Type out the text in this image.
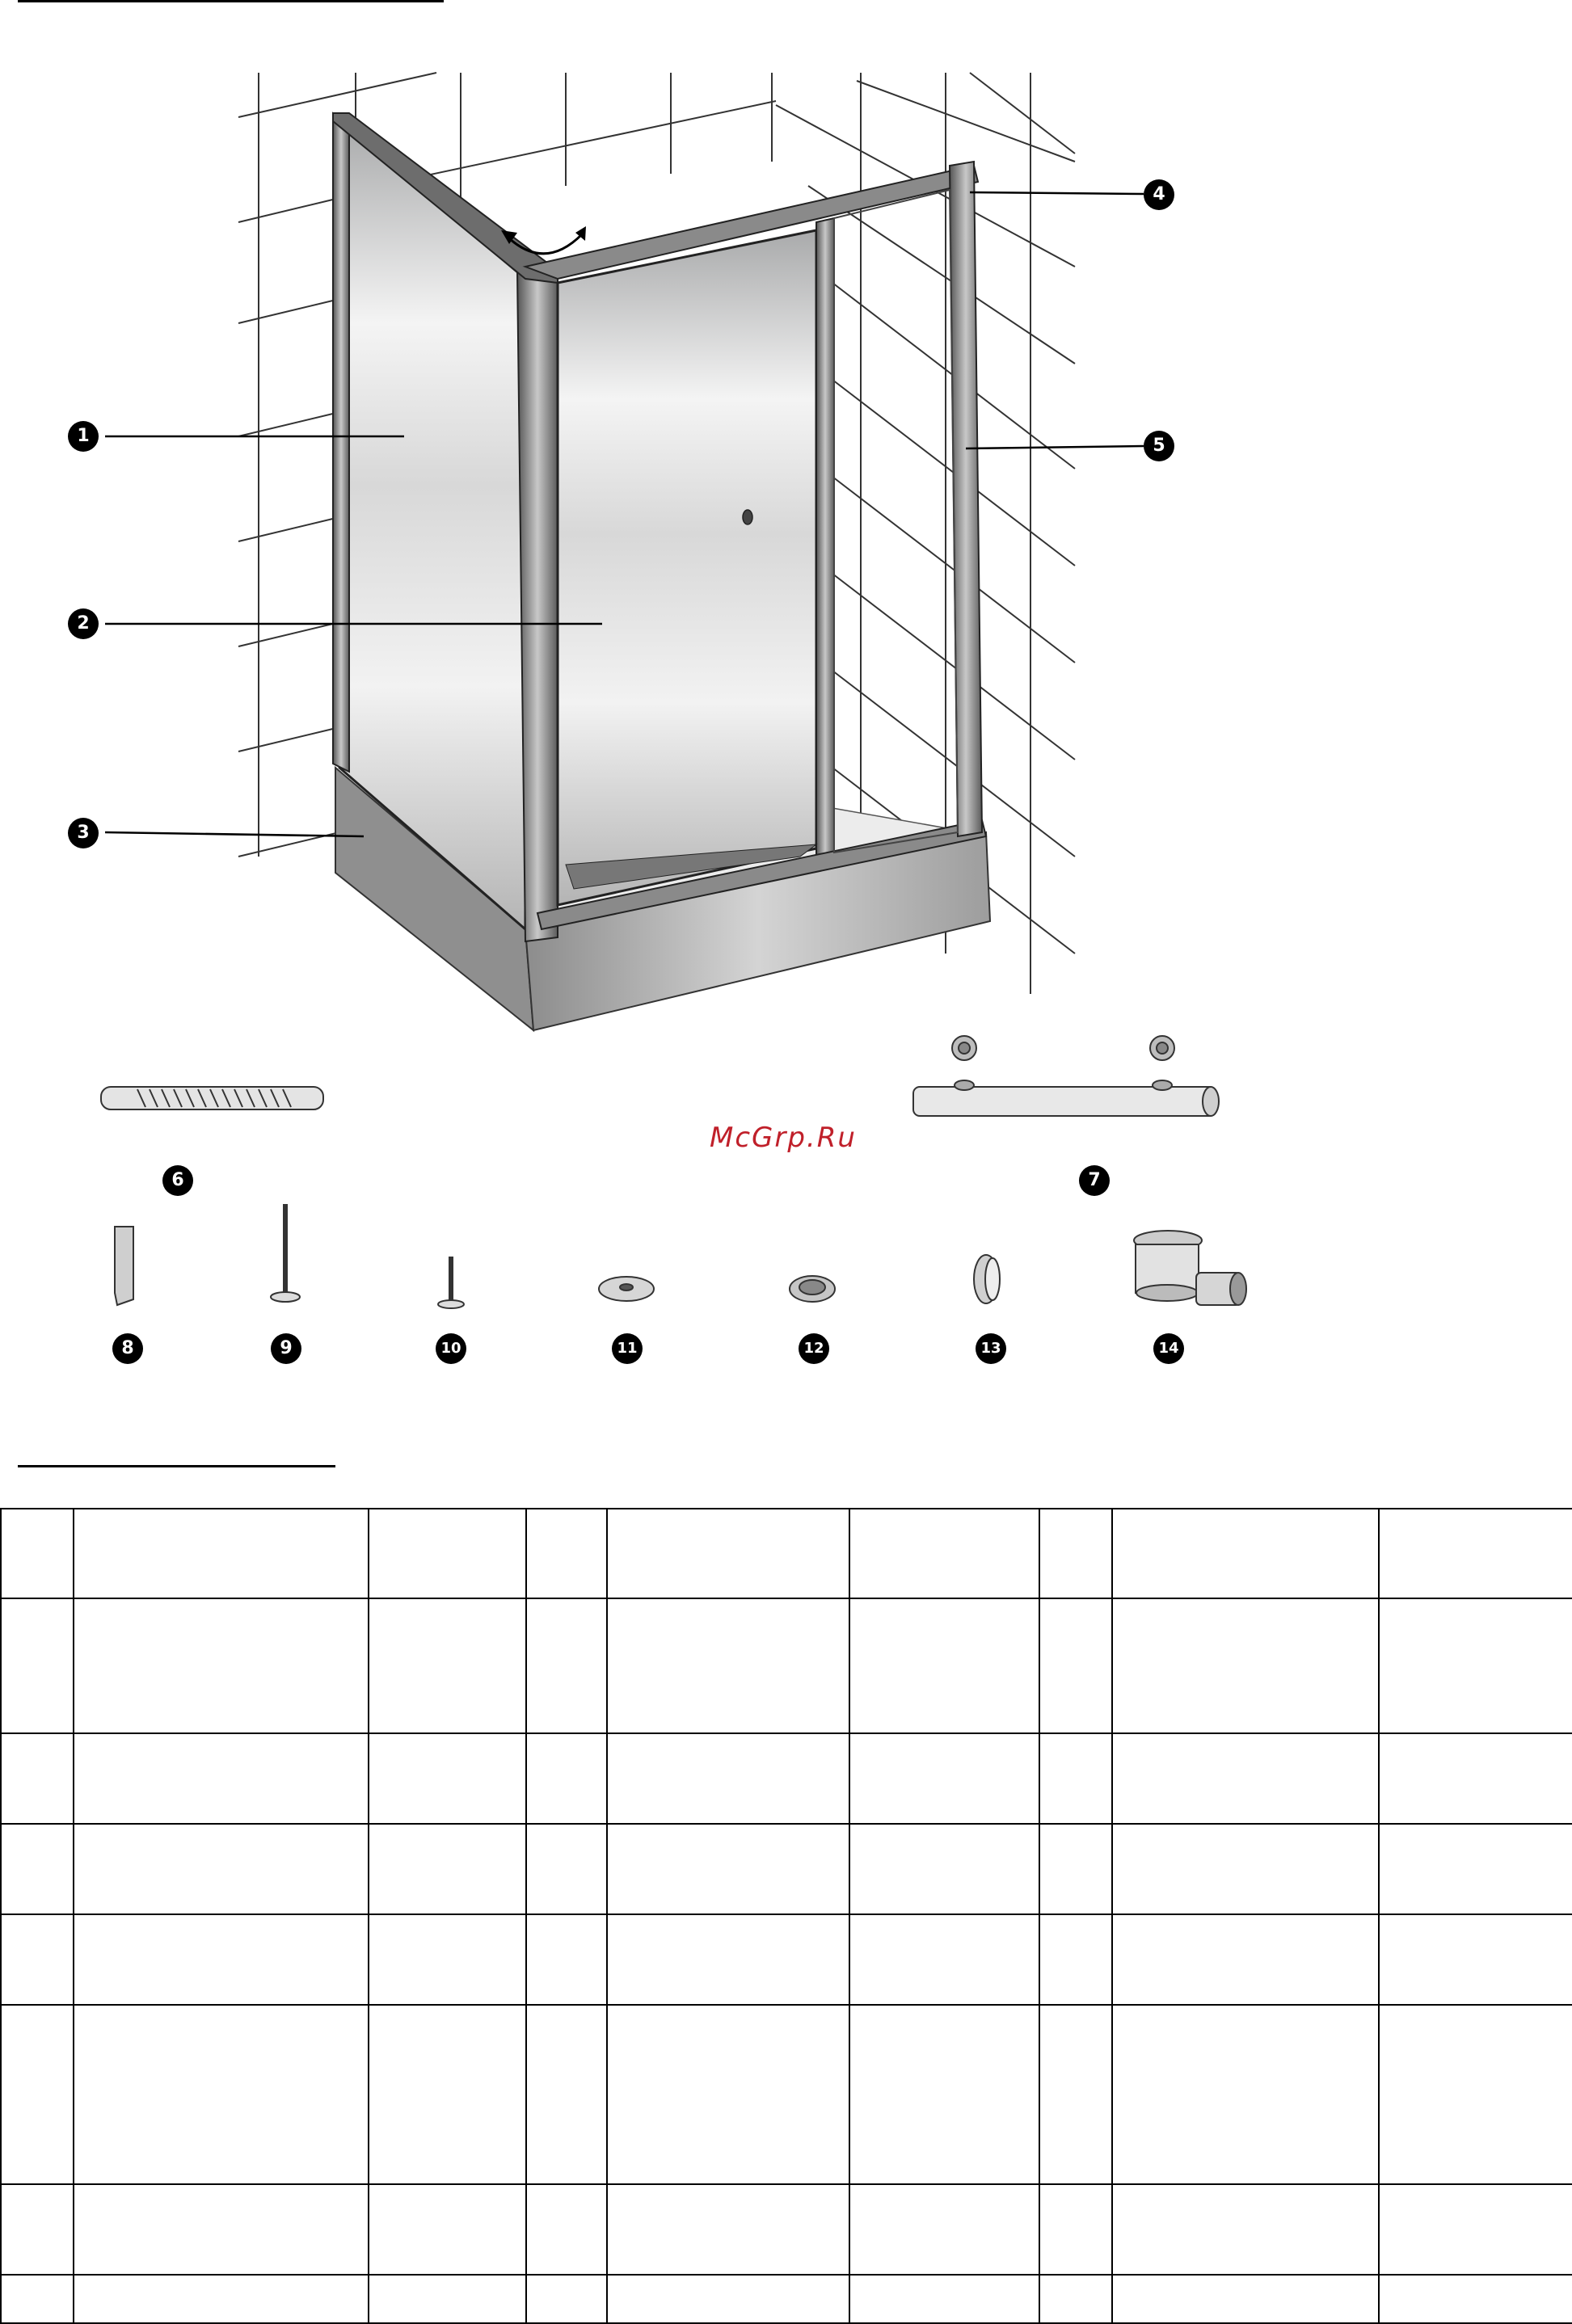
McGrp.Ru
1
2
3
4
5
6	7
8	9	10	11	12	13	14
